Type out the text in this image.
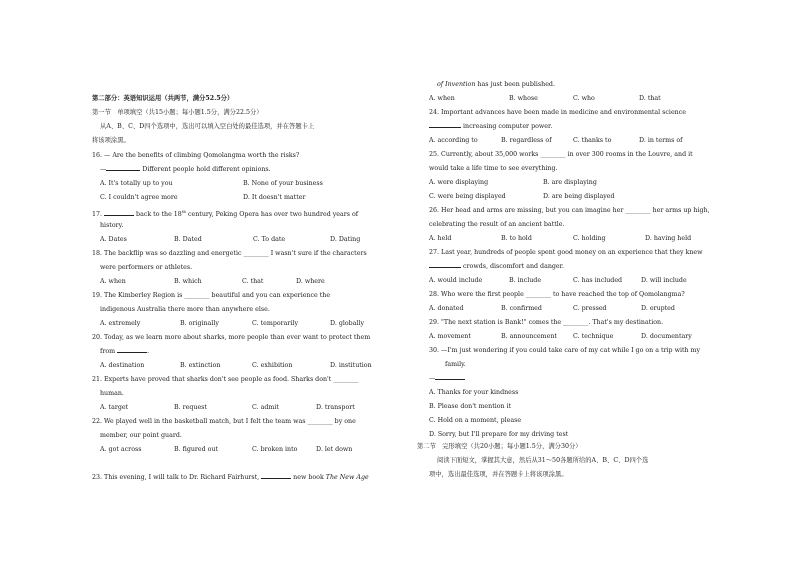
第二部分：英语知识运用（共两节，满分52.5分）
第一节　单项填空（共15小题；每小题1.5分，满分22.5分）
从A、B、C、D四个选项中，选出可以填入空白处的最佳选项，并在答题卡上
将该项涂黑。
16. — Are the benefits of climbing Qomolangma worth the risks?
—	Different people hold different opinions.
A. It's totally up to you	B. None of your business
C. I couldn't agree more	D. It doesn't matter
17.	back to the 18th century, Peking Opera has over two hundred years of
history.
A. Dates	B. Dated	C. To date	D. Dating
18. The backflip was so dazzling and energetic ________ I wasn't sure if the characters
were performers or athletes.
A. when	B. which	C. that	D. where
19. The Kimberley Region is ________ beautiful and you can experience the
indigenous Australia there more than anywhere else.
A. extremely	B. originally	C. temporarily	D. globally
20. Today, as we learn more about sharks, more people than ever want to protect them
from	.
A. destination	B. extinction	C. exhibition	D. institution
21. Experts have proved that sharks don't see people as food. Sharks don't ________
human.
A. target	B. request	C. admit	D. transport
22. We played well in the basketball match, but I felt the team was ________ by one
member, our point guard.
A. got across	B. figured out	C. broken into	D. let down
23. This evening, I will talk to Dr. Richard Fairhurst,	new book The New Age
of Invention has just been published.
A. when	B. whose	C. who	D. that
24. Important advances have been made in medicine and environmental science
increasing computer power.
A. according to	B. regardless of	C. thanks to	D. in terms of
25. Currently, about 35,000 works ________ in over 300 rooms in the Louvre, and it
would take a life time to see everything.
A. were displaying	B. are displaying
C. were being displayed	D. are being displayed
26. Her head and arms are missing, but you can imagine her ________ her arms up high,
celebrating the result of an ancient battle.
A. held	B. to hold	C. holding	D. having held
27. Last year, hundreds of people spent good money on an experience that they knew
crowds, discomfort and danger.
A. would include	B. include	C. has included	D. will include
28. Who were the first people ________ to have reached the top of Qomolangma?
A. donated	B. confirmed	C. pressed	D. erupted
29. "The next station is Bank!" comes the ________. That's my destination.
A. movement	B. announcement	C. technique	D. documentary
30. —I'm just wondering if you could take care of my cat while I go on a trip with my
family.
—
A. Thanks for your kindness
B. Please don't mention it
C. Hold on a moment, please
D. Sorry, but I'll prepare for my driving test
第二节　完形填空（共20小题；每小题1.5分，满分30分）
阅读下面短文，掌握其大意，然后从31～50各题所给的A、B、C、D四个选
项中，选出最佳选项，并在答题卡上将该项涂黑。
